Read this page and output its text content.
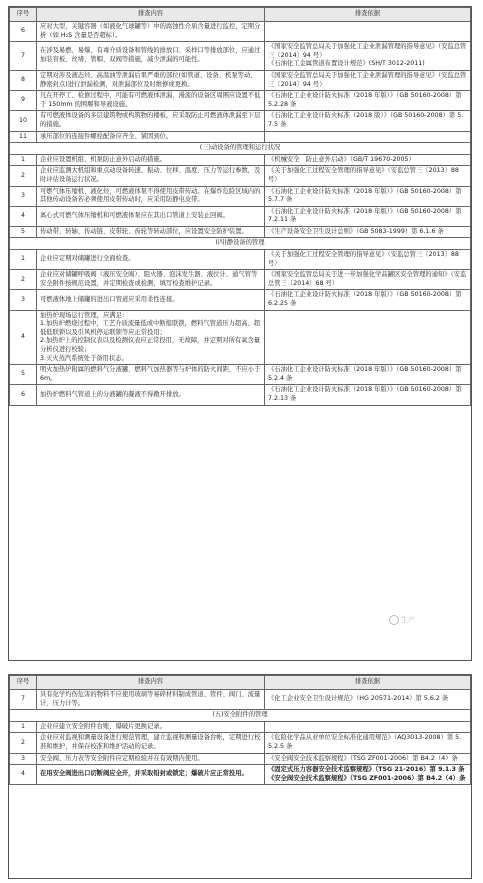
序号	排查内容	排查依据
6	应对大型、关键容器（如液化气球罐等）中的腐蚀性介质含量进行监控，定期分析（如 H₂S 含量是否超标）。	
7	在涉及易燃、易爆、有毒介质设备和管线的排放口、采样口等排放部位，应通过加装盲板、丝堵、管帽、双阀等措施，减少泄漏的可能性。	《国家安全监管总局关于加强化工企业泄漏管理的指导意见》（安监总管三〔2014〕94 号）
《石油化工金属管道布置设计规范》(SH/T 3012-2011)
8	定期对涉及液态烃、高温油等泄漏后果严重的部位(如管道、设备、机泵等动、静密封点)进行泄漏检测，对泄漏部位及时维修或更换。	《国家安全监管总局关于加强化工企业泄漏管理的指导意见》（安监总管三〔2014〕94 号）
9	凡在开停工、检修过程中，可能有可燃液体泄漏、漫流的设备区周围应设置不低于 150mm 的围堰和导液设施。	《石油化工企业设计防火标准（2018 年版）》（GB 50160-2008）第 5.2.28 条
10	有可燃液体设备的多层建筑物或构筑物的楼板，应采取防止可燃液体泄漏至下层的措施。	《石油化工企业设计防火标准（2018 版）》（GB 50160-2008）第 5.7.5 条
11	承压部位的连接件螺栓配备应齐全、紧固到位。	
(三)动设备的管理和运行状况		
1	企业应设置机组、机泵防止意外启动的措施。	《机械安全　防止意外启动》（GB/T 19670-2005）
2	企业应监测大机组和重点动设备转速、振动、位移、温度、压力等运行参数，及时评估设备运行状况。	《关于加强化工过程安全管理的指导意见》（安监总管三〔2013〕88 号）
3	可燃气体压缩机、液化烃，可燃液体泵不得使用皮带传动。在爆炸危险区域内的其他传动设备若必须使用皮带传动时，应采用防静电皮带。	《石油化工企业设计防火标准（2018 年版）》（GB 50160-2008）第 5.7.7 条
4	离心式可燃气体压缩机和可燃液体泵应在其出口管道上安装止回阀。	《石油化工企业设计防火标准（2018 年版）》（GB 50160-2008）第 7.2.11 条
5	传动带、转轴、传动链、皮带轮、齿轮等转动部位，应设置安全防护装置。	《生产设备安全卫生设计总则》（GB 5083-1999）第 6.1.6 条
(四)静设备的管理		
1	企业应定期对储罐进行全面检查。	《关于加强化工过程安全管理的指导意见》（安监总管三〔2013〕88 号）
2	企业应对储罐呼吸阀（液压安全阀）、阻火器、泡沫发生器、液位计、通气管等安全附件按规范设置，并定期检查或检测，填写检查维护记录。	《国家安全监管总局关于进一步加强化学品罐区安全管理的通知》（安监总管三〔2014〕68 号）
3	可燃液体地上储罐的进出口管道应采用柔性连接。	《石油化工企业设计防火标准（2018 年版）》（GB 50160-2008）第 6.2.25 条
4	加热炉现场运行管理，应满足：
1.加热炉燃烧过程中，工艺介质流量低或中断熄联锁，燃料气管道压力超高、超低低联锁以及引风机停运联锁等应正常投用；
2.加热炉上的控制仪表以及检测仪表应正常投用，无故障，并定期对所有氧含量分析仪进行校验；
3.灭火蒸汽系统处于备用状态。	
5	明火加热炉附属的燃料气分液罐、燃料气加热器等与炉体的防火间距，不应小于 6m。	《石油化工企业设计防火标准（2018 年版）》（GB 50160-2008）第 5.2.4 条
6	加热炉燃料气管道上的分液罐的凝液不得敞开排放。	《石油化工企业设计防火标准（2018 年版）》（GB 50160-2008）第 7.2.13 条
生产
序号	排查内容	排查依据
7	具有化学灼伤危害的物料不应使用玻璃等易碎材料制成管道、管件、阀门、流量计、压力计等。	《化工企业安全卫生设计规范》（HG 20571-2014）第 5.6.2 条
(五)安全附件的管理		
1	企业应建立安全附件台账、爆破片更换记录。	
2	企业应对监视和测量设备进行规范管理，建立监视和测量设备台帐，定期进行校准和维护，并保存校准和维护活动的记录。	《危险化学品从业单位安全标准化通用规范》（AQ3013-2008）第 5.5.2.5 条
3	安全阀、压力表等安全附件应定期检验并在有效期内使用。	《安全阀安全技术监察规程》（TSG ZF001-2006）第 B4.2（4）条
4	在用安全阀进出口切断阀应全开，并采取铅封或锁定；爆破片应正常投用。	《固定式压力容器安全技术监察规程》（TSG 21-2016）第 9.1.3 条
《安全阀安全技术监察规程》（TSG ZF001-2006）第 B4.2（4）条
